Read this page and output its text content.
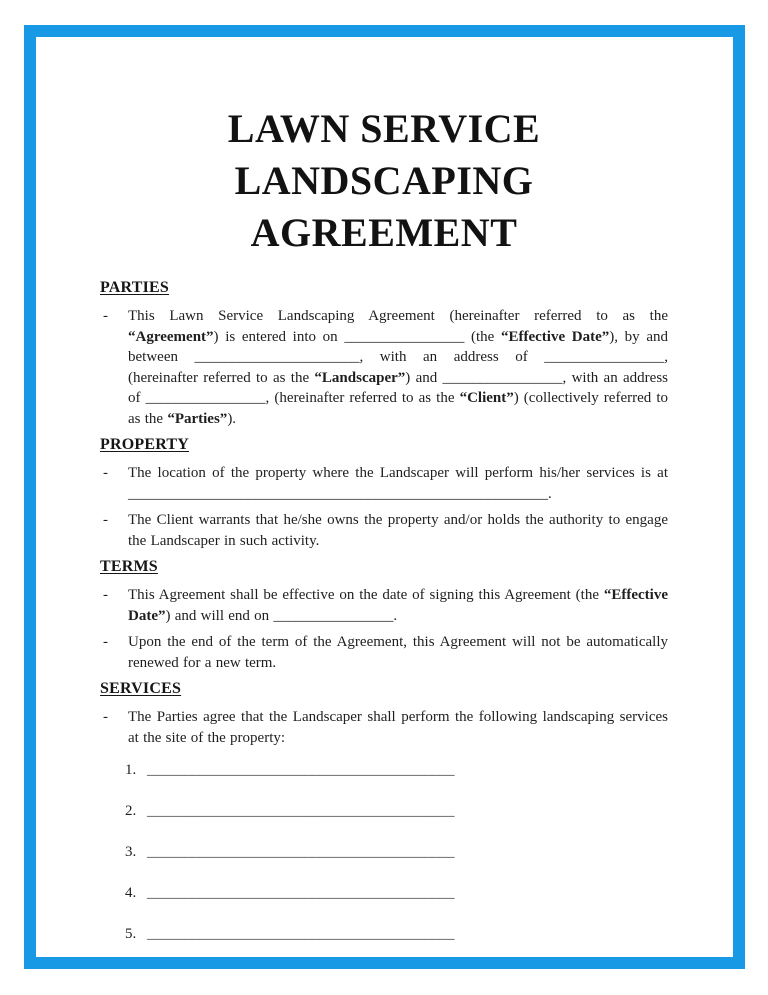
LAWN SERVICE
LANDSCAPING
AGREEMENT
PARTIES
-	This Lawn Service Landscaping Agreement (hereinafter referred to as the “Agreement”) is entered into on ________________ (the “Effective Date”), by and between ______________________, with an address of ________________, (hereinafter referred to as the “Landscaper”) and ________________, with an address of ________________, (hereinafter referred to as the “Client”) (collectively referred to as the “Parties”).

PROPERTY
-	The location of the property where the Landscaper will perform his/her services is at ________________________________________________________.

-	The Client warrants that he/she owns the property and/or holds the authority to engage the Landscaper in such activity.

TERMS
-	This Agreement shall be effective on the date of signing this Agreement (the “Effective Date”) and will end on ________________.

-	Upon the end of the term of the Agreement, this Agreement will not be automatically renewed for a new term.

SERVICES
-	The Parties agree that the Landscaper shall perform the following landscaping services at the site of the property:

1. _________________________________________
2. _________________________________________
3. _________________________________________
4. _________________________________________
5. _________________________________________
